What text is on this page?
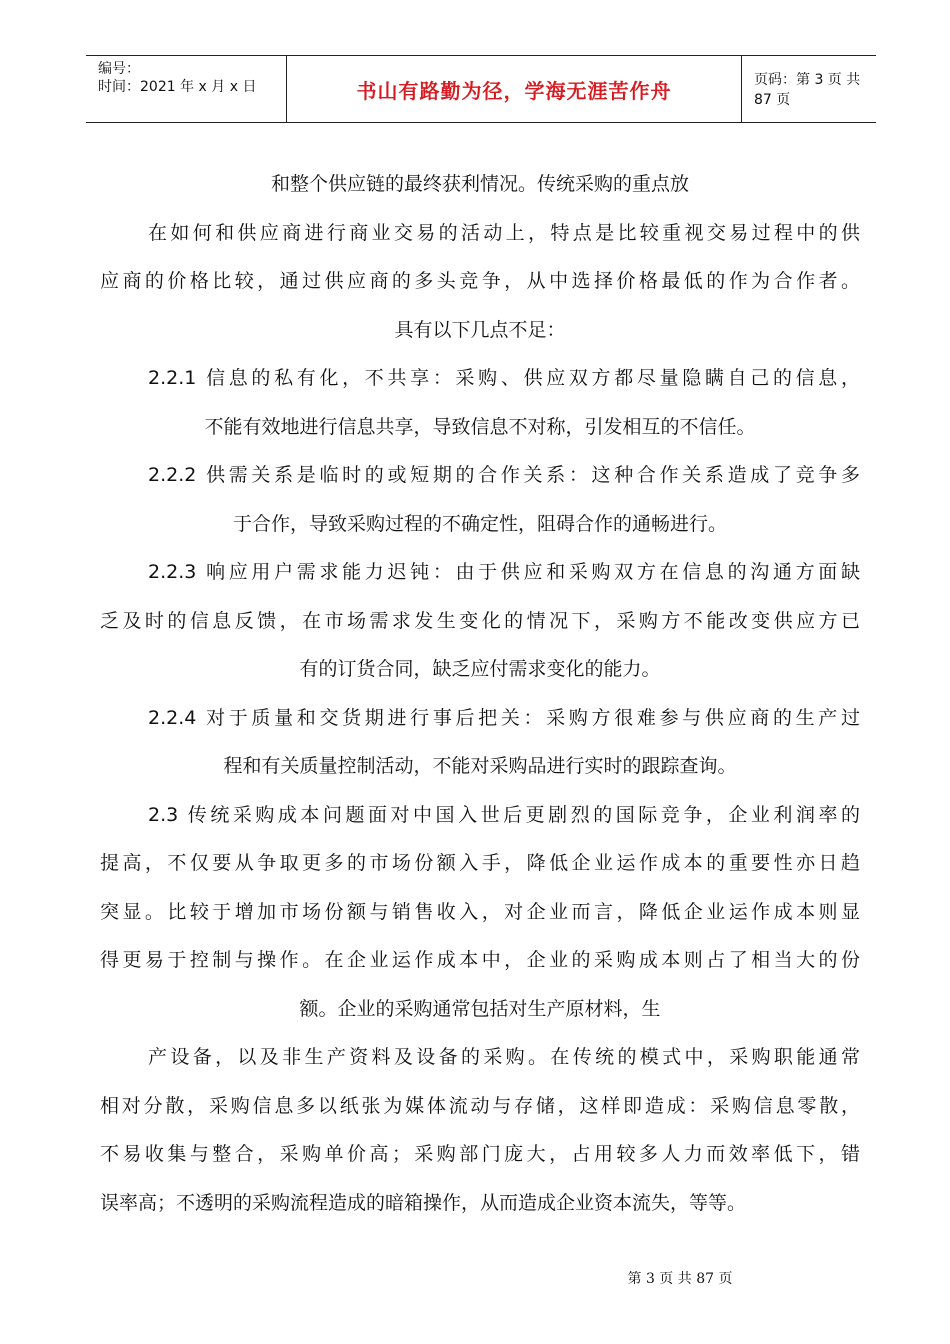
编号：
时间：2021 年 x 月 x 日	书山有路勤为径，学海无涯苦作舟	页码：第 3 页 共 87 页
和整个供应链的最终获利情况。传统采购的重点放
在如何和供应商进行商业交易的活动上，特点是比较重视交易过程中的供
应商的价格比较，通过供应商的多头竞争，从中选择价格最低的作为合作者。
具有以下几点不足：
2.2.1 信息的私有化，不共享：采购、供应双方都尽量隐瞒自己的信息，
不能有效地进行信息共享，导致信息不对称，引发相互的不信任。
2.2.2 供需关系是临时的或短期的合作关系：这种合作关系造成了竞争多
于合作，导致采购过程的不确定性，阻碍合作的通畅进行。
2.2.3 响应用户需求能力迟钝：由于供应和采购双方在信息的沟通方面缺
乏及时的信息反馈，在市场需求发生变化的情况下，采购方不能改变供应方已
有的订货合同，缺乏应付需求变化的能力。
2.2.4 对于质量和交货期进行事后把关：采购方很难参与供应商的生产过
程和有关质量控制活动，不能对采购品进行实时的跟踪查询。
2.3 传统采购成本问题面对中国入世后更剧烈的国际竞争，企业利润率的
提高，不仅要从争取更多的市场份额入手，降低企业运作成本的重要性亦日趋
突显。比较于增加市场份额与销售收入，对企业而言，降低企业运作成本则显
得更易于控制与操作。在企业运作成本中，企业的采购成本则占了相当大的份
额。企业的采购通常包括对生产原材料，生
产设备，以及非生产资料及设备的采购。在传统的模式中，采购职能通常
相对分散，采购信息多以纸张为媒体流动与存储，这样即造成：采购信息零散，
不易收集与整合，采购单价高；采购部门庞大，占用较多人力而效率低下，错
误率高；不透明的采购流程造成的暗箱操作，从而造成企业资本流失，等等。
第 3 页 共 87 页
